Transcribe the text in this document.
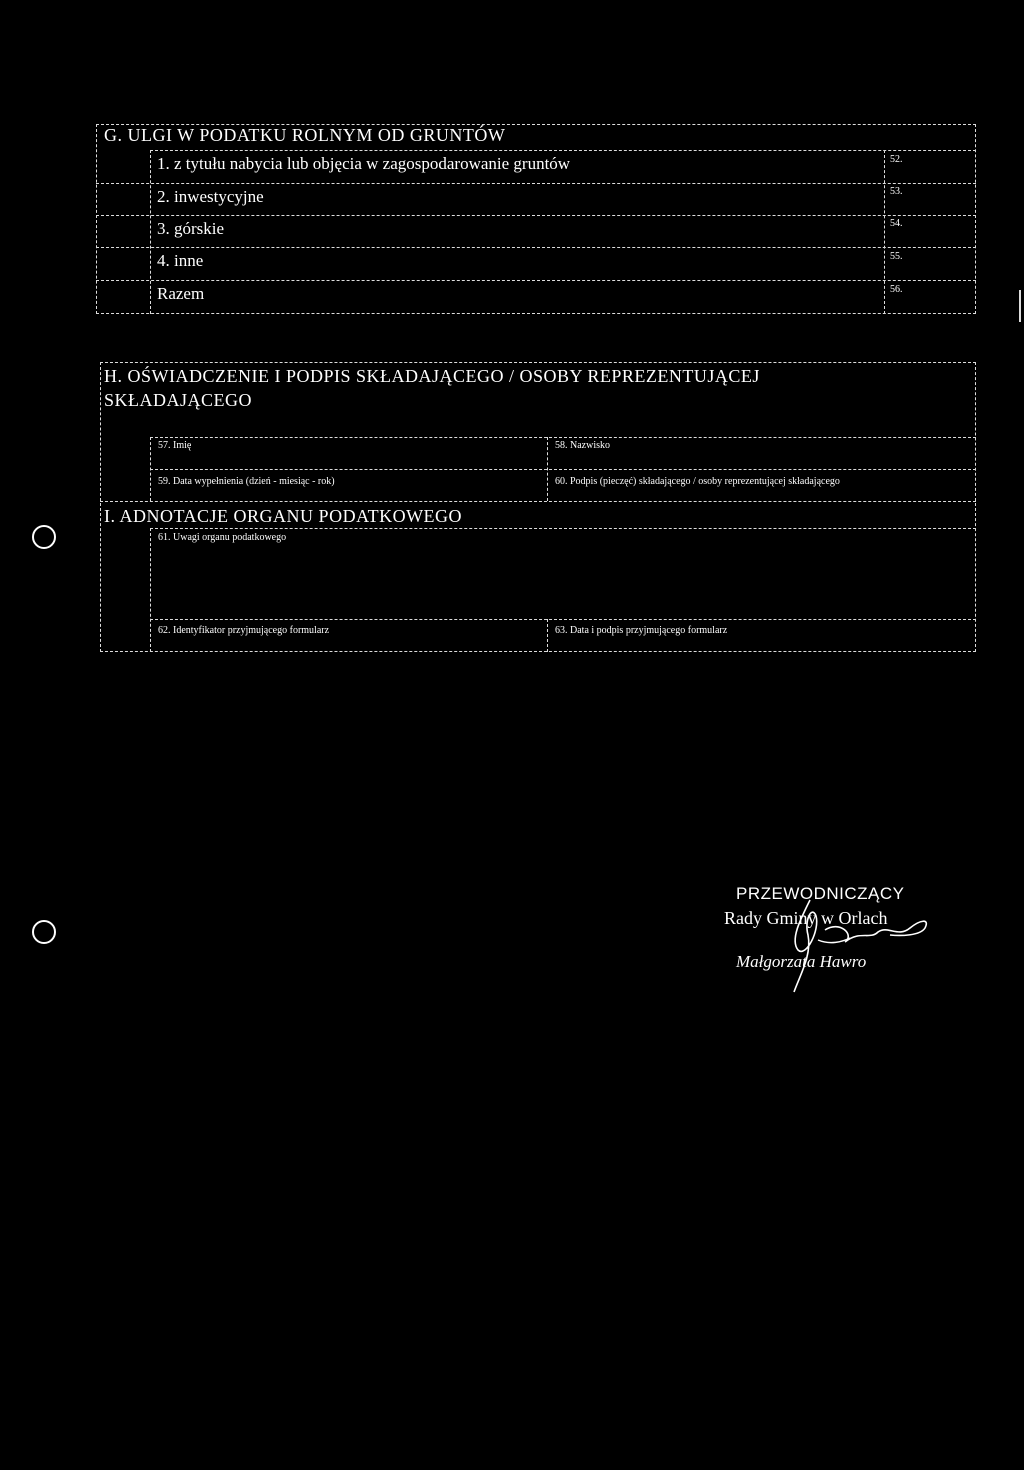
G. ULGI W PODATKU ROLNYM OD GRUNTÓW
1. z tytułu nabycia lub objęcia w zagospodarowanie gruntów	52.
2. inwestycyjne	53.
3. górskie	54.
4. inne	55.
Razem	56.
H. OŚWIADCZENIE I PODPIS SKŁADAJĄCEGO / OSOBY REPREZENTUJĄCEJ
SKŁADAJĄCEGO
57. Imię	58. Nazwisko
59. Data wypełnienia (dzień - miesiąc - rok)	60. Podpis (pieczęć) składającego / osoby reprezentującej składającego
I. ADNOTACJE ORGANU PODATKOWEGO
61. Uwagi organu podatkowego
62. Identyfikator przyjmującego formularz	63. Data i podpis przyjmującego formularz
PRZEWODNICZĄCY
Rady Gminy w Orlach
Małgorzata Hawro
